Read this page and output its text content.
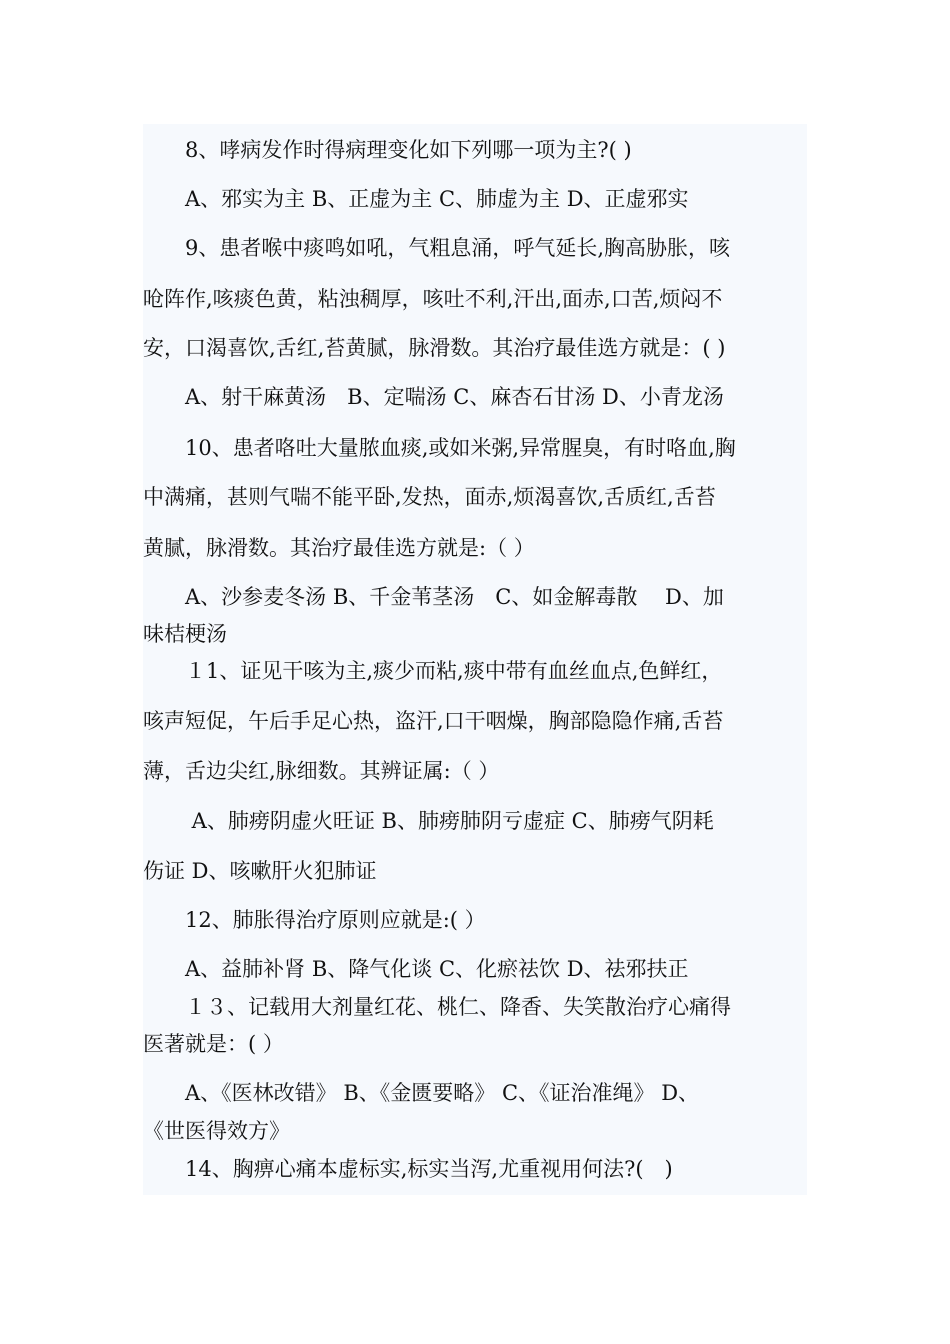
　　8、哮病发作时得病理变化如下列哪一项为主?( )

　　A、邪实为主 B、正虚为主 C、肺虚为主 D、正虚邪实

　　9、患者喉中痰鸣如吼，气粗息涌，呼气延长,胸高胁胀，咳

呛阵作,咳痰色黄，粘浊稠厚，咳吐不利,汗出,面赤,口苦,烦闷不

安，口渴喜饮,舌红,苔黄腻，脉滑数。其治疗最佳选方就是：( )

　　A、射干麻黄汤　B、定喘汤 C、麻杏石甘汤 D、小青龙汤

　　10、患者咯吐大量脓血痰,或如米粥,异常腥臭，有时咯血,胸

中满痛，甚则气喘不能平卧,发热，面赤,烦渴喜饮,舌质红,舌苔

黄腻，脉滑数。其治疗最佳选方就是:（ ）

　　A、沙参麦冬汤 B、千金苇茎汤　C、如金解毒散　 D、加

味桔梗汤

　　１1、证见干咳为主,痰少而粘,痰中带有血丝血点,色鲜红，

咳声短促，午后手足心热，盗汗,口干咽燥，胸部隐隐作痛,舌苔

薄，舌边尖红,脉细数。其辨证属:（ ）

　　 A、肺痨阴虚火旺证 B、肺痨肺阴亏虚症 C、肺痨气阴耗

伤证 D、咳嗽肝火犯肺证

　　12、肺胀得治疗原则应就是:( ）

　　A、益肺补肾 B、降气化谈 C、化瘀祛饮 D、祛邪扶正

　　１３、记载用大剂量红花、桃仁、降香、失笑散治疗心痛得

医著就是：( ）

　　A、《医林改错》 B、《金匮要略》 C、《证治准绳》 D、

《世医得效方》

　　14、胸痹心痛本虚标实,标实当泻,尤重视用何法?(　)
